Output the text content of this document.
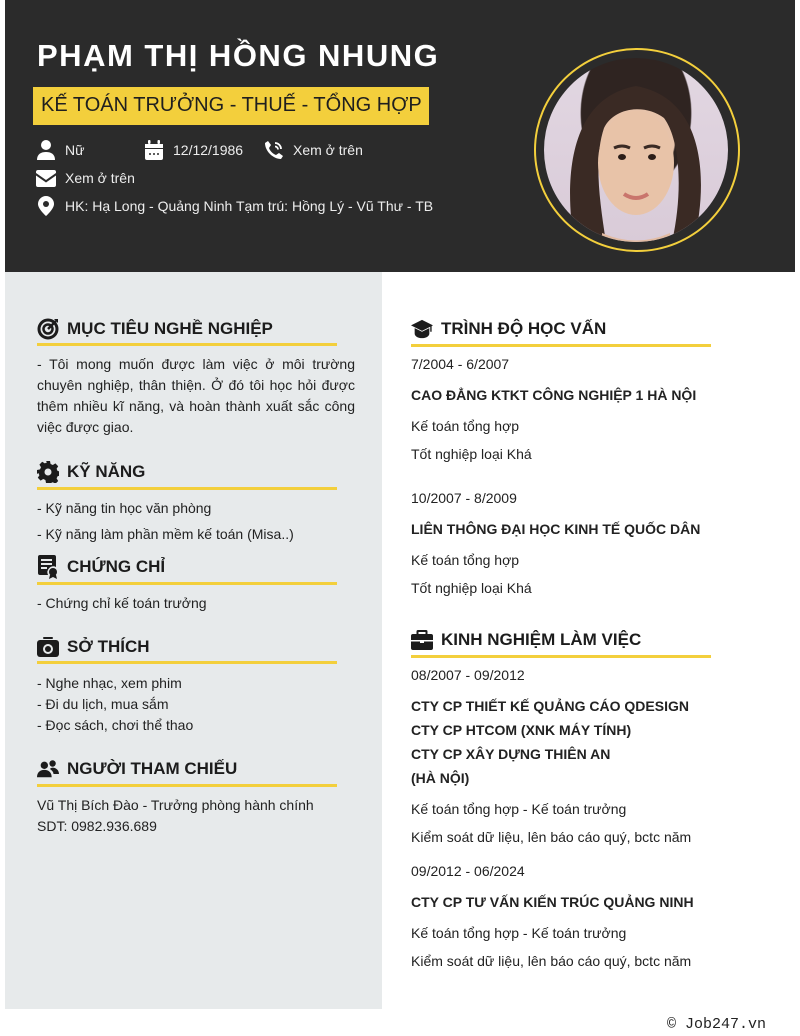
PHẠM THỊ HỒNG NHUNG
KẾ TOÁN TRƯỞNG - THUẾ - TỔNG HỢP
Nữ	12/12/1986	Xem ở trên
Xem ở trên
HK: Hạ Long - Quảng Ninh Tạm trú: Hồng Lý - Vũ Thư - TB
MỤC TIÊU NGHỀ NGHIỆP
- Tôi mong muốn được làm việc ở môi trường chuyên nghiệp, thân thiện. Ở đó tôi học hỏi được thêm nhiều kĩ năng, và hoàn thành xuất sắc công việc được giao.
KỸ NĂNG
- Kỹ năng tin học văn phòng
- Kỹ năng làm phần mềm kế toán (Misa..)
CHỨNG CHỈ
- Chứng chỉ kế toán trưởng
SỞ THÍCH
- Nghe nhạc, xem phim
- Đi du lịch, mua sắm
- Đọc sách, chơi thể thao
NGƯỜI THAM CHIẾU
Vũ Thị Bích Đào - Trưởng phòng hành chính
SDT: 0982.936.689
TRÌNH ĐỘ HỌC VẤN
7/2004 - 6/2007
CAO ĐẲNG KTKT CÔNG NGHIỆP 1 HÀ NỘI
Kế toán tổng hợp
Tốt nghiệp loại Khá
10/2007 - 8/2009
LIÊN THÔNG ĐẠI HỌC KINH TẾ QUỐC DÂN
Kế toán tổng hợp
Tốt nghiệp loại Khá
KINH NGHIỆM LÀM VIỆC
08/2007 - 09/2012
CTY CP THIẾT KẾ QUẢNG CÁO QDESIGN
CTY CP HTCOM (XNK MÁY TÍNH)
CTY CP XÂY DỰNG THIÊN AN
(HÀ NỘI)
Kế toán tổng hợp - Kế toán trưởng
Kiểm soát dữ liệu, lên báo cáo quý, bctc năm
09/2012 - 06/2024
CTY CP TƯ VẤN KIẾN TRÚC QUẢNG NINH
Kế toán tổng hợp - Kế toán trưởng
Kiểm soát dữ liệu, lên báo cáo quý, bctc năm
© Job247.vn
